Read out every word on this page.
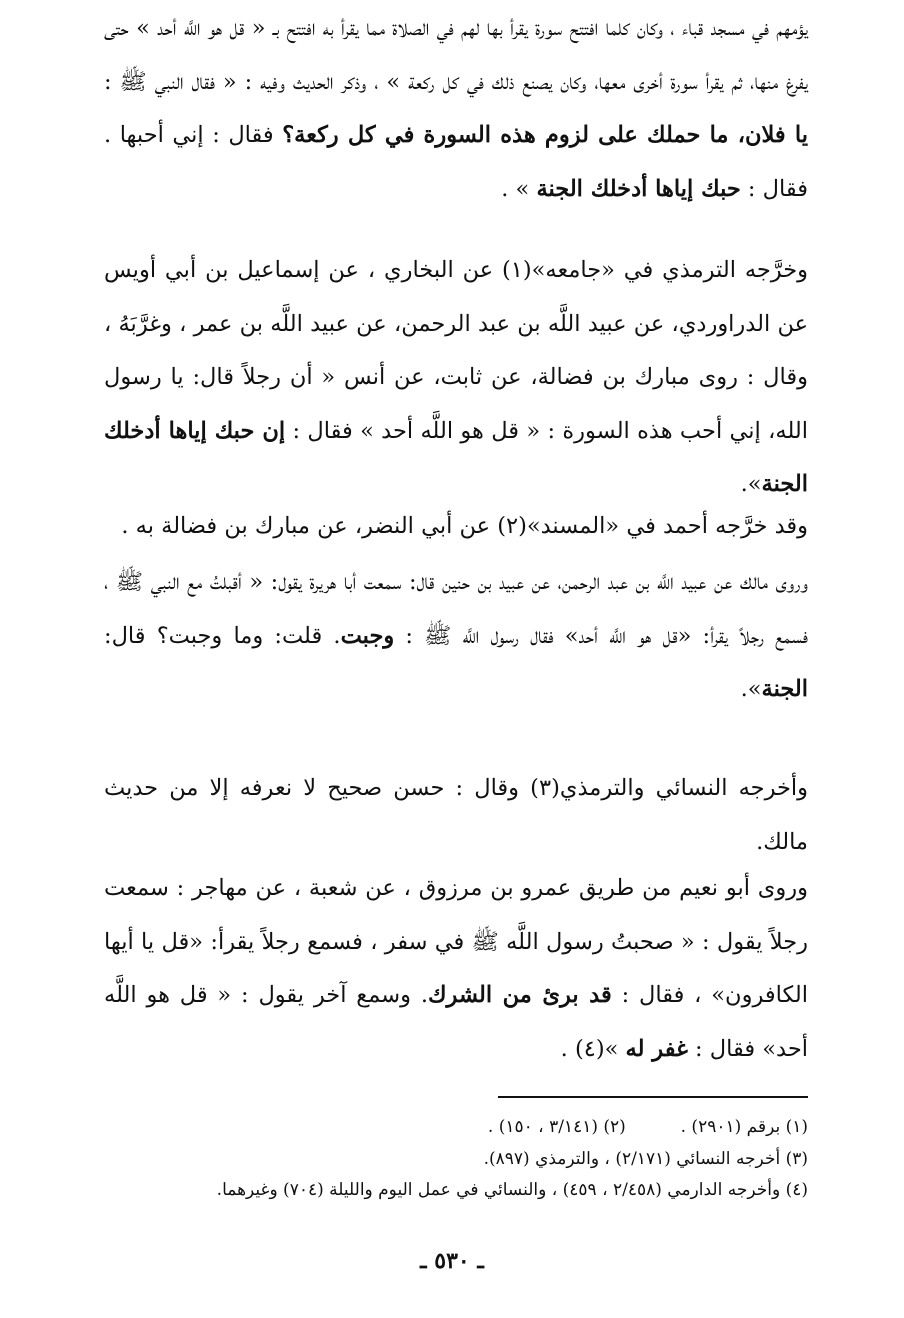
يؤمهم في مسجد قباء ، وكان كلما افتتح سورة يقرأ بها لهم في الصلاة مما يقرأ به افتتح بـ « قل هو اللَّه أحد » حتى يفرغ منها، ثم يقرأ سورة أخرى معها، وكان يصنع ذلك في كل ركعة » ، وذكر الحديث وفيه : « فقال النبي ﷺ : يا فلان، ما حملك على لزوم هذه السورة في كل ركعة؟ فقال : إني أحبها . فقال : حبك إياها أدخلك الجنة » .

وخرَّجه الترمذي في «جامعه»(١) عن البخاري ، عن إسماعيل بن أبي أويس عن الدراوردي، عن عبيد اللَّه بن عبد الرحمن، عن عبيد اللَّه بن عمر ، وغرَّبَهُ ، وقال : روى مبارك بن فضالة، عن ثابت، عن أنس « أن رجلاً قال: يا رسول الله، إني أحب هذه السورة : « قل هو اللَّه أحد » فقال : إن حبك إياها أدخلك الجنة».

وقد خرَّجه أحمد في «المسند»(٢) عن أبي النضر، عن مبارك بن فضالة به .

وروى مالك عن عبيد اللَّه بن عبد الرحمن، عن عبيد بن حنين قال: سمعت أبا هريرة يقول: « أقبلتُ مع النبي ﷺ ، فسمع رجلاً يقرأ: «قل هو اللَّه أحد» فقال رسول اللَّه ﷺ : وجبت. قلت: وما وجبت؟ قال: الجنة».

وأخرجه النسائي والترمذي(٣) وقال : حسن صحيح لا نعرفه إلا من حديث مالك.

وروى أبو نعيم من طريق عمرو بن مرزوق ، عن شعبة ، عن مهاجر : سمعت رجلاً يقول : « صحبتُ رسول اللَّه ﷺ في سفر ، فسمع رجلاً يقرأ: «قل يا أيها الكافرون» ، فقال : قد برئ من الشرك. وسمع آخر يقول : « قل هو اللَّه أحد» فقال : غفر له »(٤) .

(١) برقم (٢٩٠١) .  (٢) (٣/١٤١ ، ١٥٠) .
(٣) أخرجه النسائي (٢/١٧١) ، والترمذي (٨٩٧).
(٤) وأخرجه الدارمي (٢/٤٥٨ ، ٤٥٩) ، والنسائي في عمل اليوم والليلة (٧٠٤) وغيرهما.
ـ ٥٣٠ ـ
